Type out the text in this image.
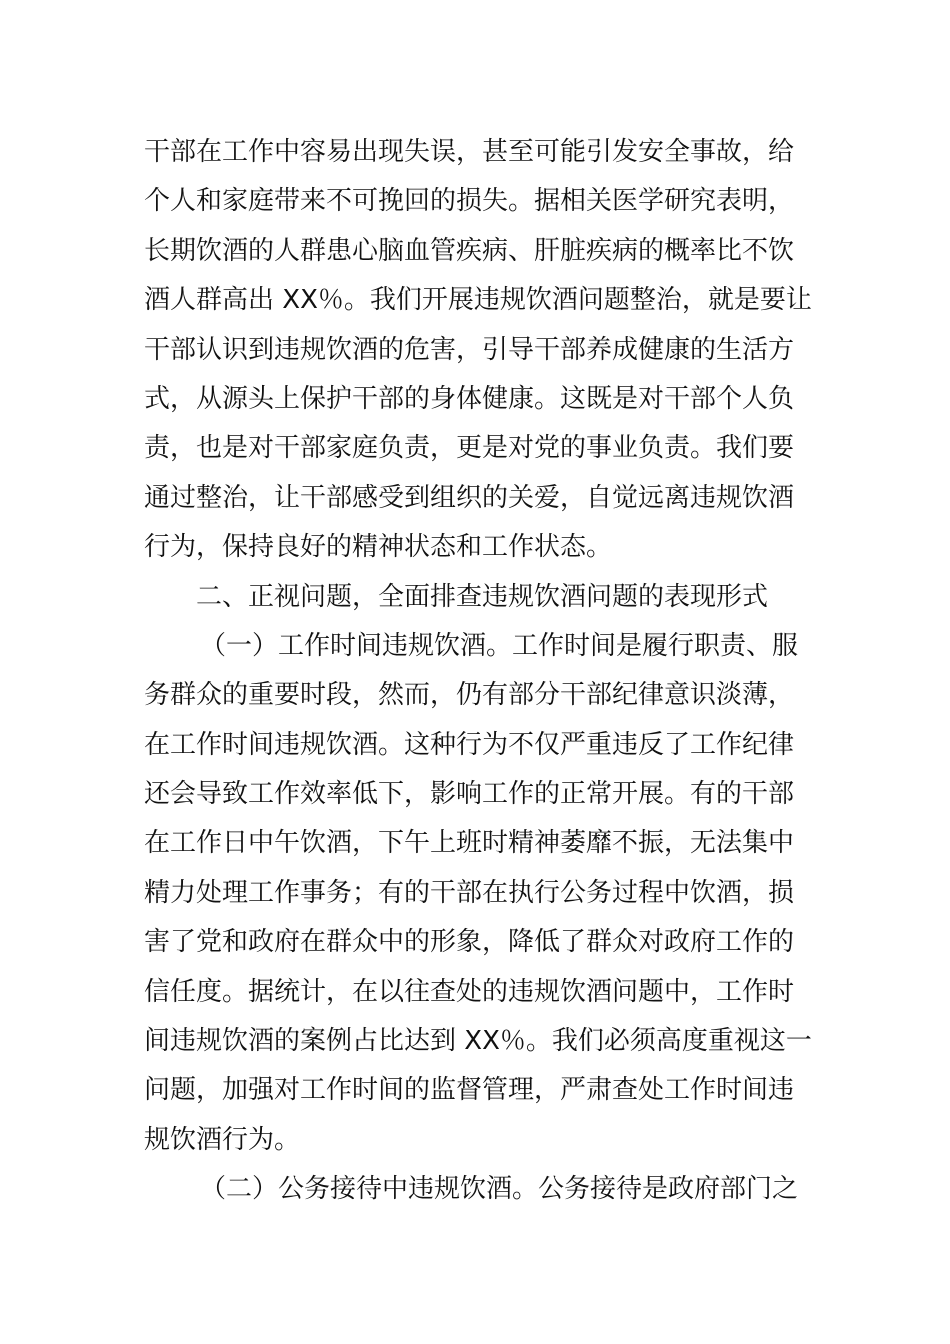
干部在工作中容易出现失误，甚至可能引发安全事故，给
个人和家庭带来不可挽回的损失。据相关医学研究表明，
长期饮酒的人群患心脑血管疾病、肝脏疾病的概率比不饮
酒人群高出 XX％。我们开展违规饮酒问题整治，就是要让
干部认识到违规饮酒的危害，引导干部养成健康的生活方
式，从源头上保护干部的身体健康。这既是对干部个人负
责，也是对干部家庭负责，更是对党的事业负责。我们要
通过整治，让干部感受到组织的关爱，自觉远离违规饮酒
行为，保持良好的精神状态和工作状态。
二、正视问题，全面排查违规饮酒问题的表现形式
（一）工作时间违规饮酒。工作时间是履行职责、服
务群众的重要时段，然而，仍有部分干部纪律意识淡薄，
在工作时间违规饮酒。这种行为不仅严重违反了工作纪律
还会导致工作效率低下，影响工作的正常开展。有的干部
在工作日中午饮酒，下午上班时精神萎靡不振，无法集中
精力处理工作事务；有的干部在执行公务过程中饮酒，损
害了党和政府在群众中的形象，降低了群众对政府工作的
信任度。据统计，在以往查处的违规饮酒问题中，工作时
间违规饮酒的案例占比达到 XX％。我们必须高度重视这一
问题，加强对工作时间的监督管理，严肃查处工作时间违
规饮酒行为。
（二）公务接待中违规饮酒。公务接待是政府部门之
